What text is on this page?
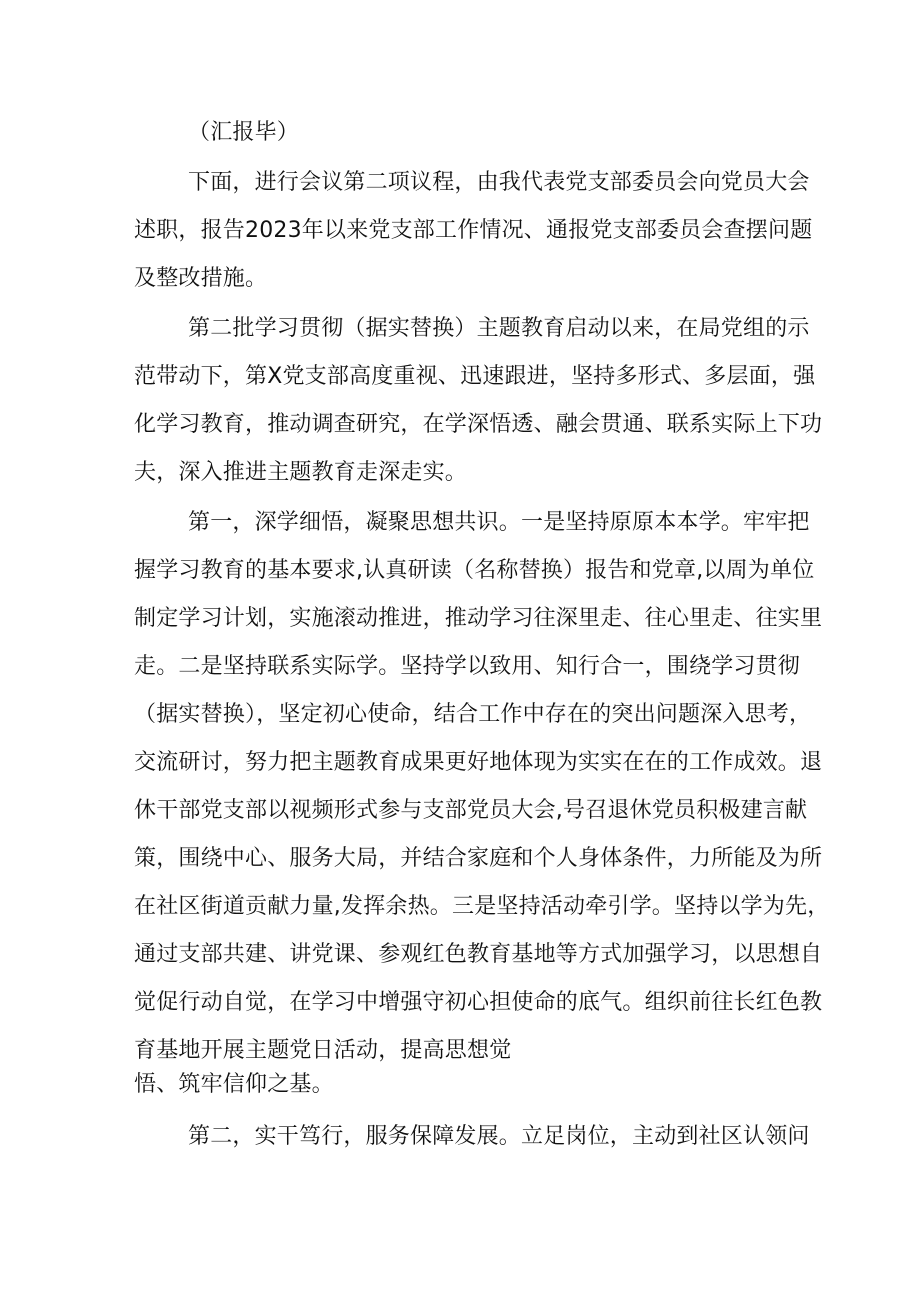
（汇报毕）
下面，进行会议第二项议程，由我代表党支部委员会向党员大会
述职，报告2023年以来党支部工作情况、通报党支部委员会查摆问题
及整改措施。
第二批学习贯彻（据实替换）主题教育启动以来，在局党组的示
范带动下，第X党支部高度重视、迅速跟进，坚持多形式、多层面，强
化学习教育，推动调查研究，在学深悟透、融会贯通、联系实际上下功
夫，深入推进主题教育走深走实。
第一，深学细悟，凝聚思想共识。一是坚持原原本本学。牢牢把
握学习教育的基本要求,认真研读（名称替换）报告和党章,以周为单位
制定学习计划，实施滚动推进，推动学习往深里走、往心里走、往实里
走。二是坚持联系实际学。坚持学以致用、知行合一，围绕学习贯彻
（据实替换），坚定初心使命，结合工作中存在的突出问题深入思考，
交流研讨，努力把主题教育成果更好地体现为实实在在的工作成效。退
休干部党支部以视频形式参与支部党员大会,号召退休党员积极建言献
策，围绕中心、服务大局，并结合家庭和个人身体条件，力所能及为所
在社区街道贡献力量,发挥余热。三是坚持活动牵引学。坚持以学为先，
通过支部共建、讲党课、参观红色教育基地等方式加强学习，以思想自
觉促行动自觉，在学习中增强守初心担使命的底气。组织前往长红色教
育基地开展主题党日活动，提高思想觉
悟、筑牢信仰之基。
第二，实干笃行，服务保障发展。立足岗位，主动到社区认领问
